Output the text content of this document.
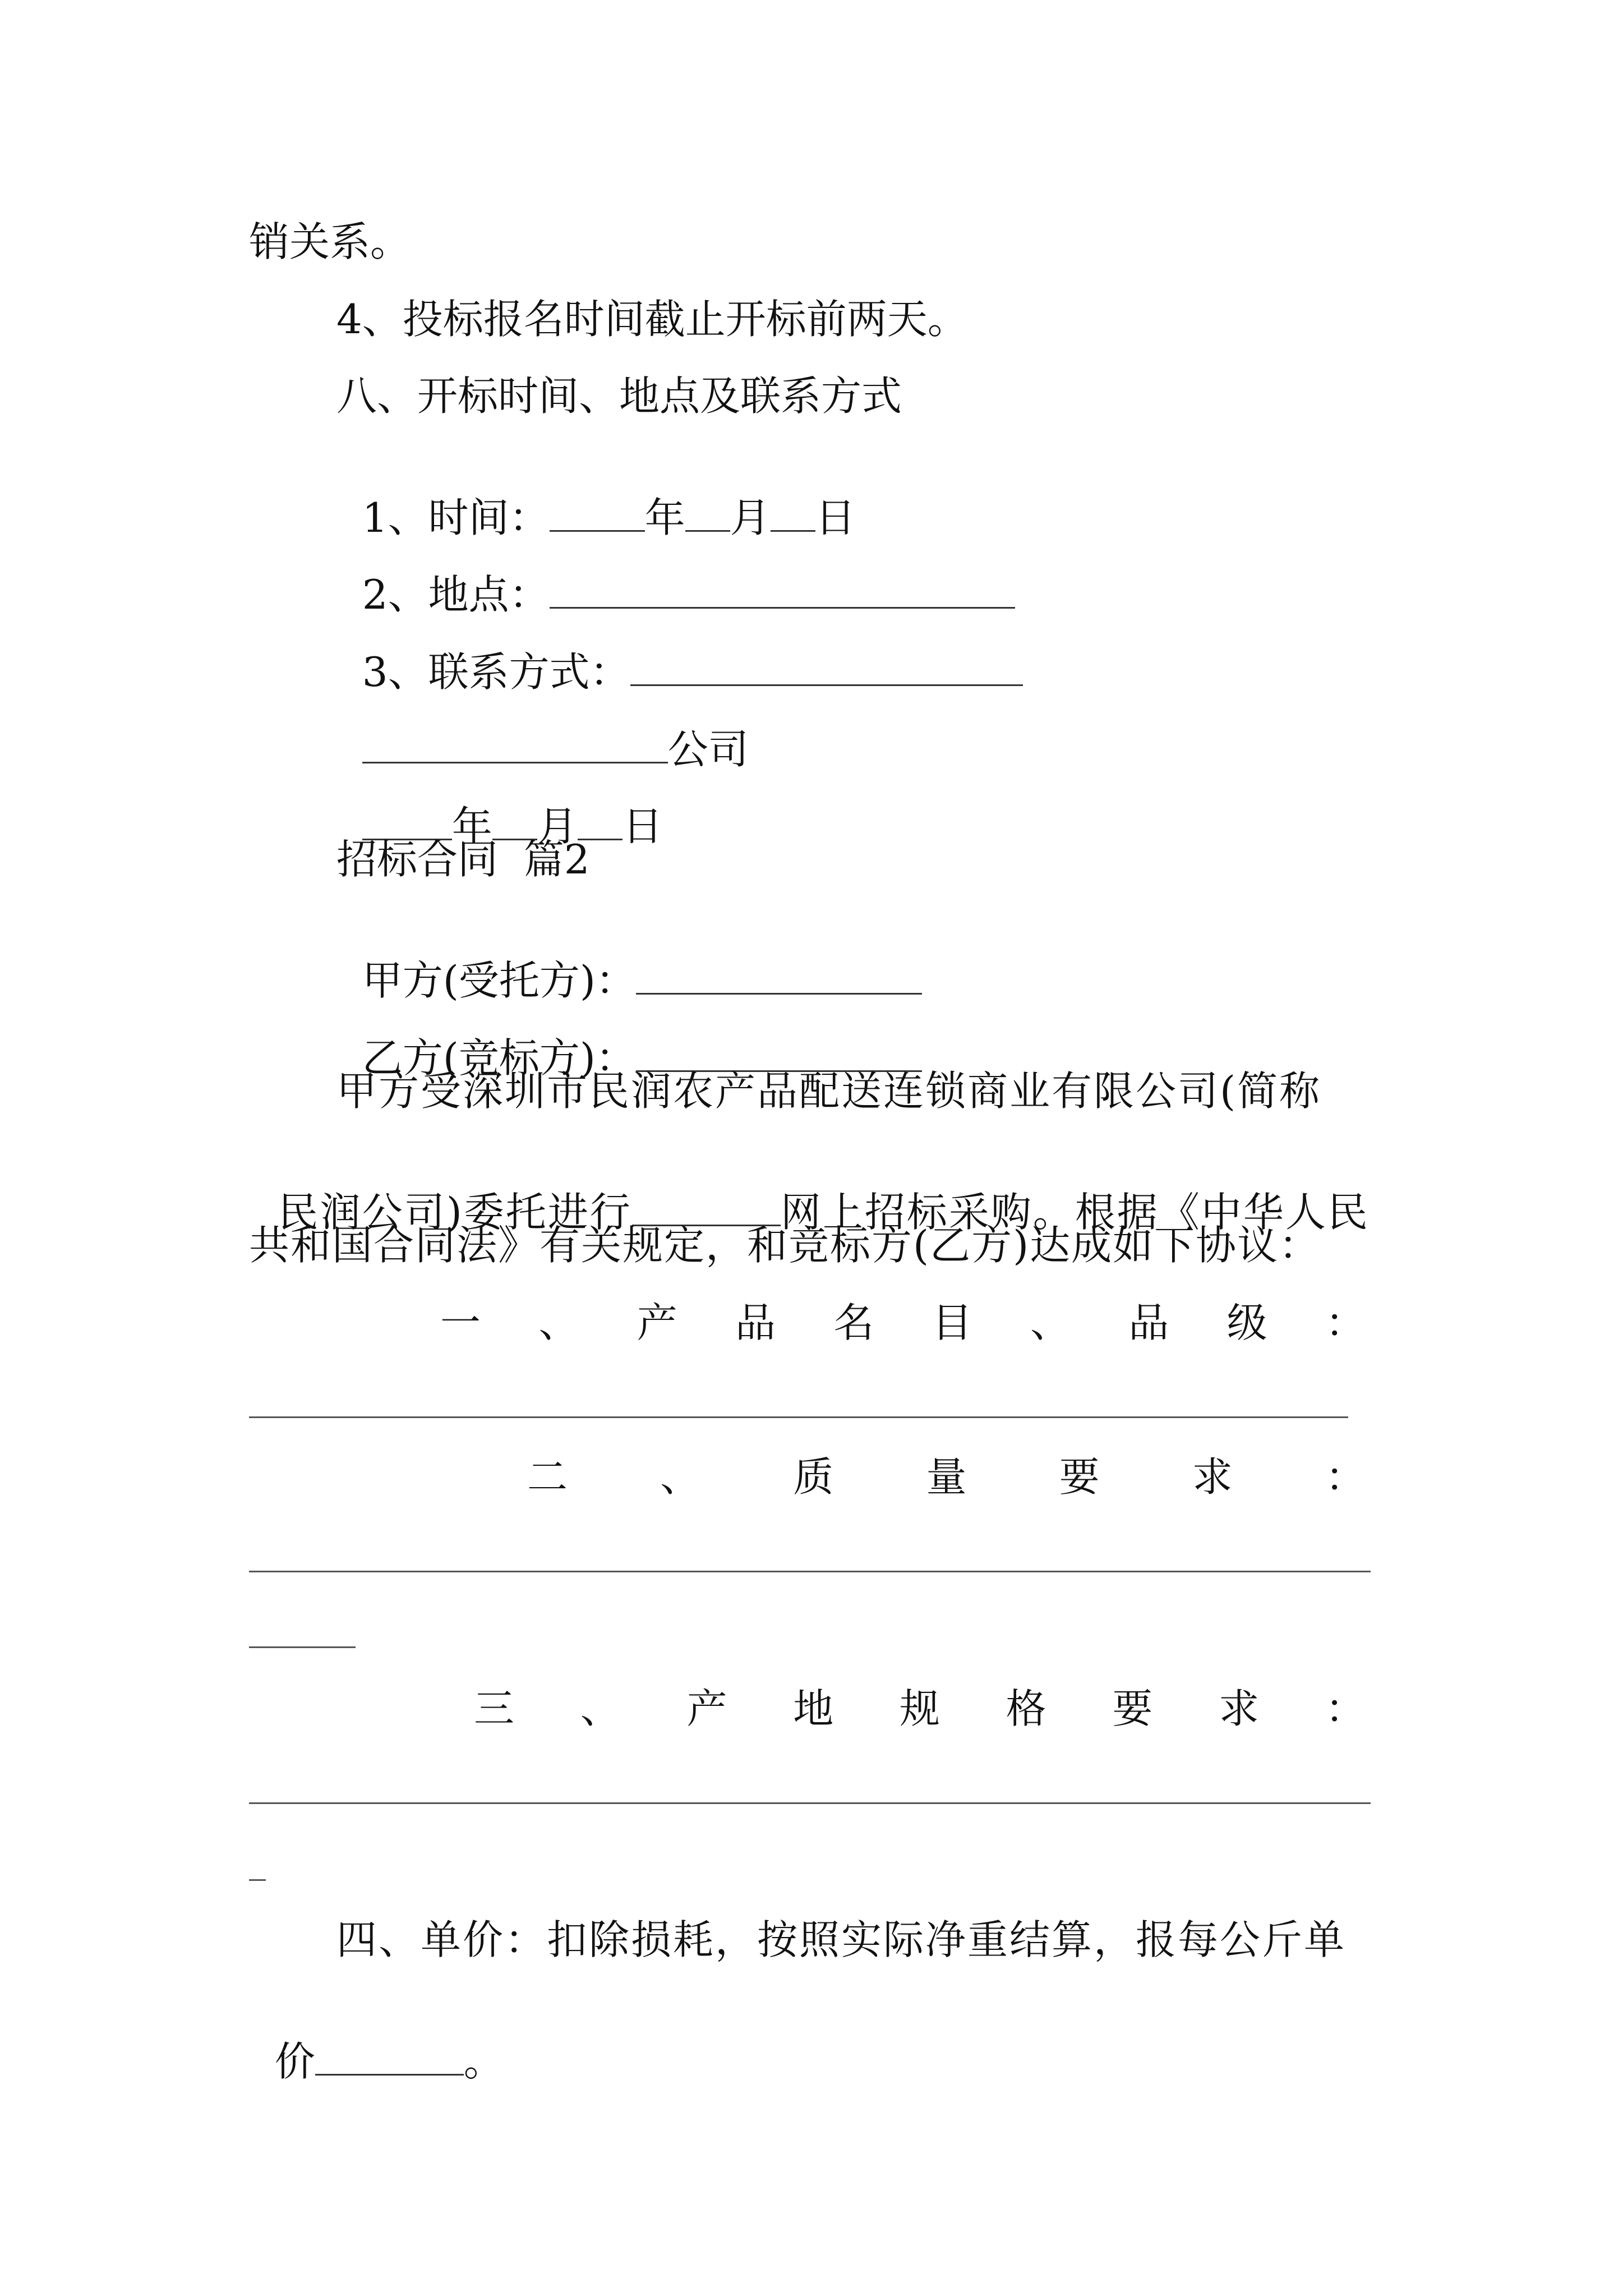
销关系。
4、投标报名时间截止开标前两天。
八、开标时间、地点及联系方式

1、时间： 年 月 日

2、地点：

3、联系方式：

公司

年 月 日

招标合同  篇2

甲方(受托方)：

乙方(竞标方)：

甲方受深圳市民润农产品配送连锁商业有限公司(简称

民润公司)委托进行	网上招标采购。根据《中华人民

共和国合同法》有关规定，和竞标方(乙方)达成如下协议：
一 、 产 品 名 目 、 品 级 ：
二 、 质 量 要 求 ：
三 、 产 地 规 格 要 求 ：
四、单价：扣除损耗，按照实际净重结算，报每公斤单

价	。
